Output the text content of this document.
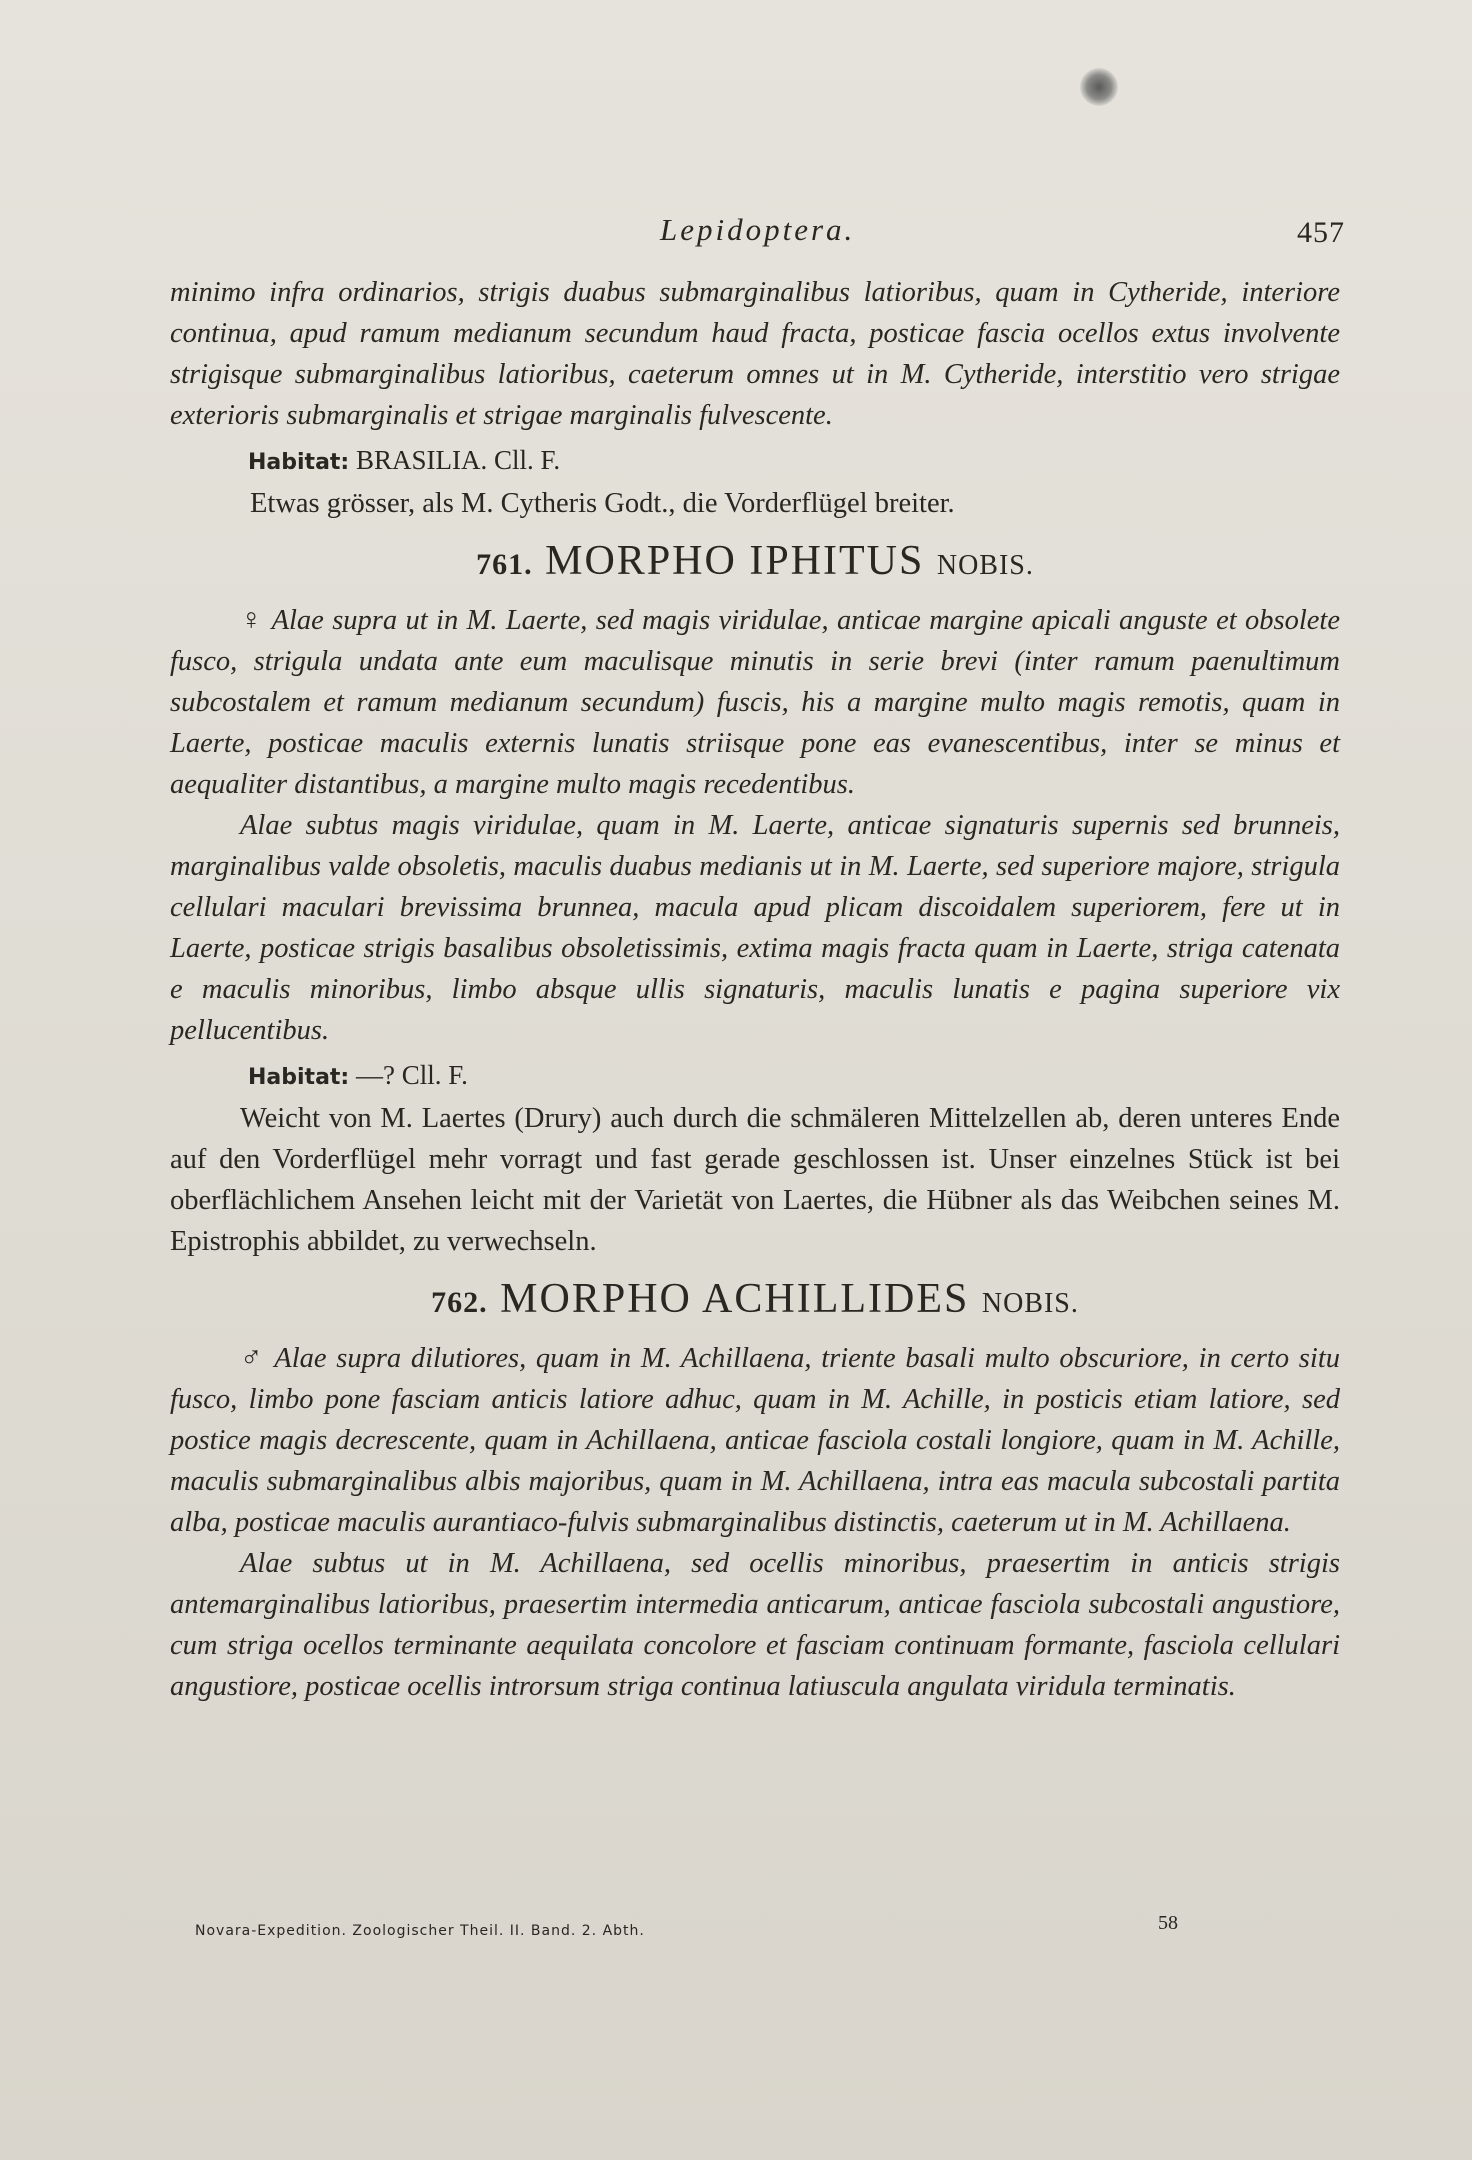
Lepidoptera.	457

minimo infra ordinarios, strigis duabus submarginalibus latioribus, quam in Cytheride, interiore continua, apud ramum medianum secundum haud fracta, posticae fascia ocellos extus involvente strigisque submarginalibus latioribus, caeterum omnes ut in M. Cytheride, interstitio vero strigae exterioris submarginalis et strigae marginalis fulvescente.

Habitat: BRASILIA. Cll. F.

Etwas grösser, als M. Cytheris Godt., die Vorderflügel breiter.

761. MORPHO IPHITUS NOBIS.

♀ Alae supra ut in M. Laerte, sed magis viridulae, anticae margine apicali anguste et obsolete fusco, strigula undata ante eum maculisque minutis in serie brevi (inter ramum paenultimum subcostalem et ramum medianum secundum) fuscis, his a margine multo magis remotis, quam in Laerte, posticae maculis externis lunatis striisque pone eas evanescentibus, inter se minus et aequaliter distantibus, a margine multo magis recedentibus.

Alae subtus magis viridulae, quam in M. Laerte, anticae signaturis supernis sed brunneis, marginalibus valde obsoletis, maculis duabus medianis ut in M. Laerte, sed superiore majore, strigula cellulari maculari brevissima brunnea, macula apud plicam discoidalem superiorem, fere ut in Laerte, posticae strigis basalibus obsoletissimis, extima magis fracta quam in Laerte, striga catenata e maculis minoribus, limbo absque ullis signaturis, maculis lunatis e pagina superiore vix pellucentibus.

Habitat: —? Cll. F.

Weicht von M. Laertes (Drury) auch durch die schmäleren Mittelzellen ab, deren unteres Ende auf den Vorderflügel mehr vorragt und fast gerade geschlossen ist. Unser einzelnes Stück ist bei oberflächlichem Ansehen leicht mit der Varietät von Laertes, die Hübner als das Weibchen seines M. Epistrophis abbildet, zu verwechseln.

762. MORPHO ACHILLIDES NOBIS.

♂ Alae supra dilutiores, quam in M. Achillaena, triente basali multo obscuriore, in certo situ fusco, limbo pone fasciam anticis latiore adhuc, quam in M. Achille, in posticis etiam latiore, sed postice magis decrescente, quam in Achillaena, anticae fasciola costali longiore, quam in M. Achille, maculis submarginalibus albis majoribus, quam in M. Achillaena, intra eas macula subcostali partita alba, posticae maculis aurantiaco-fulvis submarginalibus distinctis, caeterum ut in M. Achillaena.

Alae subtus ut in M. Achillaena, sed ocellis minoribus, praesertim in anticis strigis antemarginalibus latioribus, praesertim intermedia anticarum, anticae fasciola subcostali angustiore, cum striga ocellos terminante aequilata concolore et fasciam continuam formante, fasciola cellulari angustiore, posticae ocellis introrsum striga continua latiuscula angulata viridula terminatis.

Novara-Expedition. Zoologischer Theil. II. Band. 2. Abth.	58
